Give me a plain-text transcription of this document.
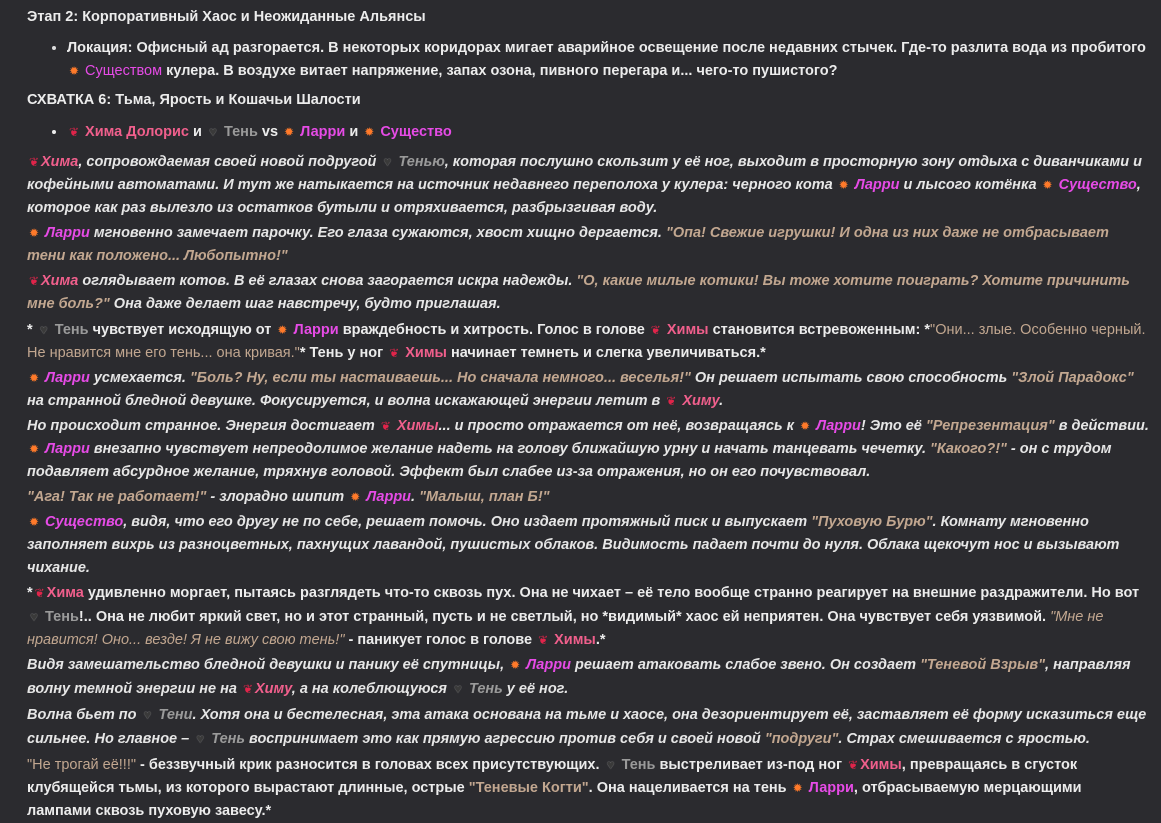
Этап 2: Корпоративный Хаос и Неожиданные Альянсы
• Локация: Офисный ад разгорается. В некоторых коридорах мигает аварийное освещение после недавних стычек. Где-то разлита вода из пробитого ✹ Существом кулера. В воздухе витает напряжение, запах озона, пивного перегара и... чего-то пушистого?
СХВАТКА 6: Тьма, Ярость и Кошачьи Шалости
• ❦ Хима Долорис и ♥ Тень vs ✹ Ларри и ✹ Существо

❦ Хима, сопровождаемая своей новой подругой ♥ Тенью, которая послушно скользит у её ног, выходит в просторную зону отдыха с диванчиками и кофейными автоматами. И тут же натыкается на источник недавнего переполоха у кулера: черного кота ✹ Ларри и лысого котёнка ✹ Существо, которое как раз вылезло из остатков бутыли и отряхивается, разбрызгивая воду.

✹ Ларри мгновенно замечает парочку. Его глаза сужаются, хвост хищно дергается. "Опа! Свежие игрушки! И одна из них даже не отбрасывает тени как положено... Любопытно!"

❦ Хима оглядывает котов. В её глазах снова загорается искра надежды. "О, какие милые котики! Вы тоже хотите поиграть? Хотите причинить мне боль?" Она даже делает шаг навстречу, будто приглашая.

* ♥ Тень чувствует исходящую от ✹ Ларри враждебность и хитрость. Голос в голове ❦ Химы становится встревоженным: *"Они... злые. Особенно черный. Не нравится мне его тень... она кривая."* Тень у ног ❦ Химы начинает темнеть и слегка увеличиваться.*

✹ Ларри усмехается. "Боль? Ну, если ты настаиваешь... Но сначала немного... веселья!" Он решает испытать свою способность "Злой Парадокс" на странной бледной девушке. Фокусируется, и волна искажающей энергии летит в ❦ Химу.

Но происходит странное. Энергия достигает ❦ Химы... и просто отражается от неё, возвращаясь к ✹ Ларри! Это её "Репрезентация" в действии. ✹ Ларри внезапно чувствует непреодолимое желание надеть на голову ближайшую урну и начать танцевать чечетку. "Какого?!" - он с трудом подавляет абсурдное желание, тряхнув головой. Эффект был слабее из-за отражения, но он его почувствовал.

"Ага! Так не работает!" - злорадно шипит ✹ Ларри. "Малыш, план Б!"

✹ Существо, видя, что его другу не по себе, решает помочь. Оно издает протяжный писк и выпускает "Пуховую Бурю". Комнату мгновенно заполняет вихрь из разноцветных, пахнущих лавандой, пушистых облаков. Видимость падает почти до нуля. Облака щекочут нос и вызывают чихание.

* ❦ Хима удивленно моргает, пытаясь разглядеть что-то сквозь пух. Она не чихает – её тело вообще странно реагирует на внешние раздражители. Но вот ♥ Тень!.. Она не любит яркий свет, но и этот странный, пусть и не светлый, но *видимый* хаос ей неприятен. Она чувствует себя уязвимой. "Мне не нравится! Оно... везде! Я не вижу свою тень!" - паникует голос в голове ❦ Химы.*

Видя замешательство бледной девушки и панику её спутницы, ✹ Ларри решает атаковать слабое звено. Он создает "Теневой Взрыв", направляя волну темной энергии не на ❦ Химу, а на колеблющуюся ♥ Тень у её ног.

Волна бьет по ♥ Тени. Хотя она и бестелесная, эта атака основана на тьме и хаосе, она дезориентирует её, заставляет её форму исказиться еще сильнее. Но главное – ♥ Тень воспринимает это как прямую агрессию против себя и своей новой "подруги". Страх смешивается с яростью.

"Не трогай её!!!" - беззвучный крик разносится в головах всех присутствующих. ♥ Тень выстреливает из-под ног ❦ Химы, превращаясь в сгусток клубящейся тьмы, из которого вырастают длинные, острые "Теневые Когти". Она нацеливается на тень ✹ Ларри, отбрасываемую мерцающими лампами сквозь пуховую завесу.*
